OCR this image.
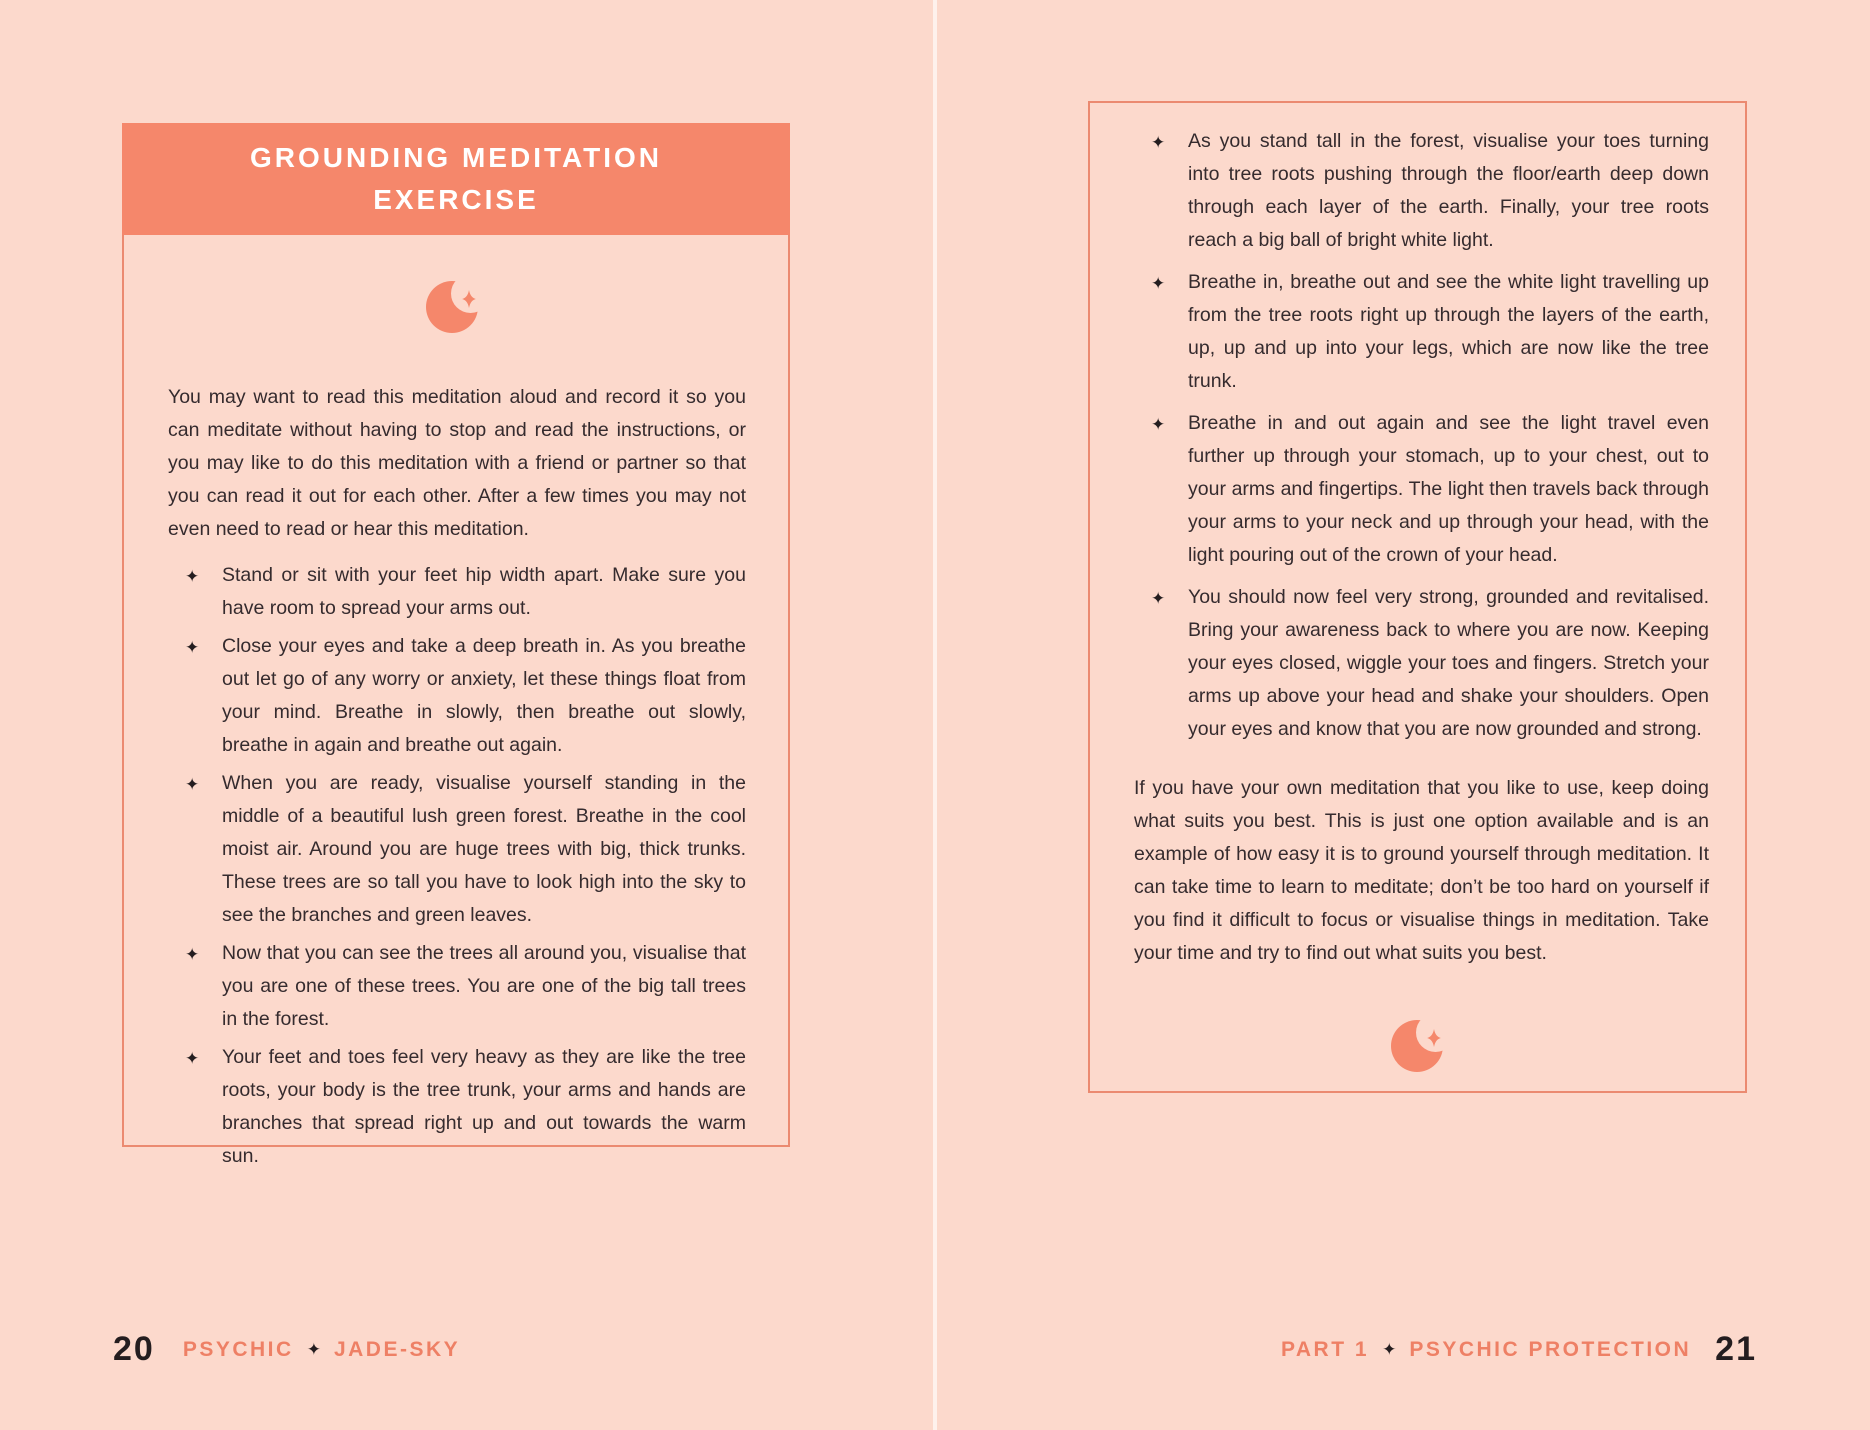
GROUNDING MEDITATION EXERCISE

You may want to read this meditation aloud and record it so you can meditate without having to stop and read the instructions, or you may like to do this meditation with a friend or partner so that you can read it out for each other. After a few times you may not even need to read or hear this meditation.

✦ Stand or sit with your feet hip width apart. Make sure you have room to spread your arms out.
✦ Close your eyes and take a deep breath in. As you breathe out let go of any worry or anxiety, let these things float from your mind. Breathe in slowly, then breathe out slowly, breathe in again and breathe out again.
✦ When you are ready, visualise yourself standing in the middle of a beautiful lush green forest. Breathe in the cool moist air. Around you are huge trees with big, thick trunks. These trees are so tall you have to look high into the sky to see the branches and green leaves.
✦ Now that you can see the trees all around you, visualise that you are one of these trees. You are one of the big tall trees in the forest.
✦ Your feet and toes feel very heavy as they are like the tree roots, your body is the tree trunk, your arms and hands are branches that spread right up and out towards the warm sun.
✦ As you stand tall in the forest, visualise your toes turning into tree roots pushing through the floor/earth deep down through each layer of the earth. Finally, your tree roots reach a big ball of bright white light.
✦ Breathe in, breathe out and see the white light travelling up from the tree roots right up through the layers of the earth, up, up and up into your legs, which are now like the tree trunk.
✦ Breathe in and out again and see the light travel even further up through your stomach, up to your chest, out to your arms and fingertips. The light then travels back through your arms to your neck and up through your head, with the light pouring out of the crown of your head.
✦ You should now feel very strong, grounded and revitalised. Bring your awareness back to where you are now. Keeping your eyes closed, wiggle your toes and fingers. Stretch your arms up above your head and shake your shoulders. Open your eyes and know that you are now grounded and strong.

If you have your own meditation that you like to use, keep doing what suits you best. This is just one option available and is an example of how easy it is to ground yourself through meditation. It can take time to learn to meditate; don’t be too hard on yourself if you find it difficult to focus or visualise things in meditation. Take your time and try to find out what suits you best.

20 PSYCHIC ✦ JADE-SKY	PART 1 ✦ PSYCHIC PROTECTION 21
